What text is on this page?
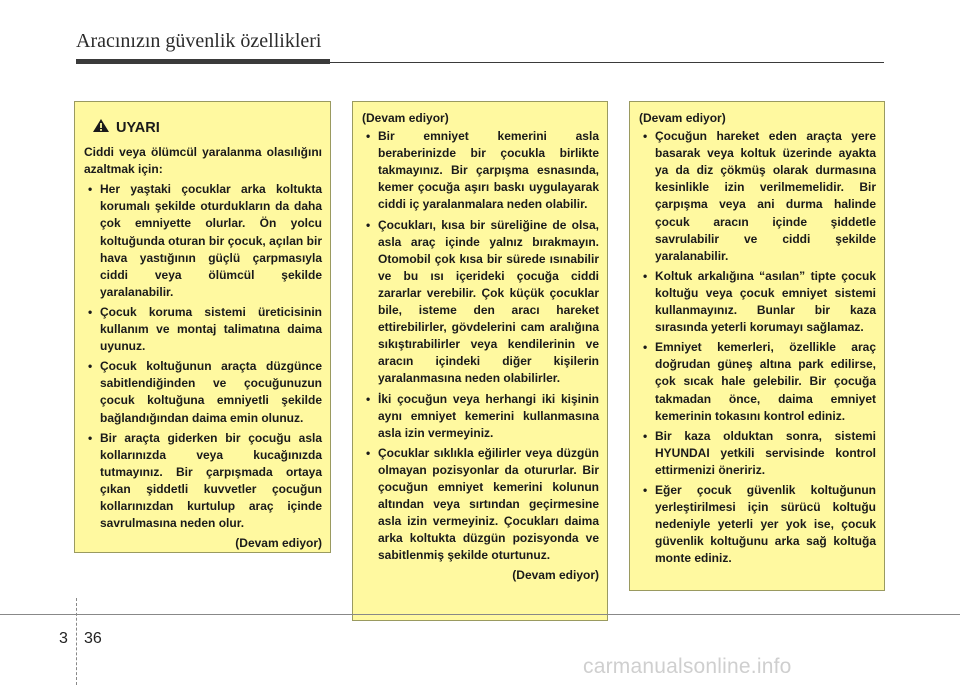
Aracınızın güvenlik özellikleri
UYARI
Ciddi veya ölümcül yaralanma olasılığını azaltmak için:
• Her yaştaki çocuklar arka koltukta korumalı şekilde oturdukların da daha çok emniyette olurlar. Ön yolcu koltuğunda oturan bir çocuk, açılan bir hava yastığının güçlü çarpmasıyla ciddi veya ölümcül şekilde yaralanabilir.
• Çocuk koruma sistemi üreticisinin kullanım ve montaj talimatına daima uyunuz.
• Çocuk koltuğunun araçta düzgünce sabitlendiğinden ve çocuğunuzun çocuk koltuğuna emniyetli şekilde bağlandığından daima emin olunuz.
• Bir araçta giderken bir çocuğu asla kollarınızda veya kucağınızda tutmayınız. Bir çarpışmada ortaya çıkan şiddetli kuvvetler çocuğun kollarınızdan kurtulup araç içinde savrulmasına neden olur.
(Devam ediyor)
(Devam ediyor)
• Bir emniyet kemerini asla beraberinizde bir çocukla birlikte takmayınız. Bir çarpışma esnasında, kemer çocuğa aşırı baskı uygulayarak ciddi iç yaralanmalara neden olabilir.
• Çocukları, kısa bir süreliğine de olsa, asla araç içinde yalnız bırakmayın. Otomobil çok kısa bir sürede ısınabilir ve bu ısı içerideki çocuğa ciddi zararlar verebilir. Çok küçük çocuklar bile, isteme den aracı hareket ettirebilirler, gövdelerini cam aralığına sıkıştırabilirler veya kendilerinin ve aracın içindeki diğer kişilerin yaralanmasına neden olabilirler.
• İki çocuğun veya herhangi iki kişinin aynı emniyet kemerini kullanmasına asla izin vermeyiniz.
• Çocuklar sıklıkla eğilirler veya düzgün olmayan pozisyonlar da otururlar. Bir çocuğun emniyet kemerini kolunun altından veya sırtından geçirmesine asla izin vermeyiniz. Çocukları daima arka koltukta düzgün pozisyonda ve sabitlenmiş şekilde oturtunuz.
(Devam ediyor)
(Devam ediyor)
• Çocuğun hareket eden araçta yere basarak veya koltuk üzerinde ayakta ya da diz çökmüş olarak durmasına kesinlikle izin verilmemelidir. Bir çarpışma veya ani durma halinde çocuk aracın içinde şiddetle savrulabilir ve ciddi şekilde yaralanabilir.
• Koltuk arkalığına “asılan” tipte çocuk koltuğu veya çocuk emniyet sistemi kullanmayınız. Bunlar bir kaza sırasında yeterli korumayı sağlamaz.
• Emniyet kemerleri, özellikle araç doğrudan güneş altına park edilirse, çok sıcak hale gelebilir. Bir çocuğa takmadan önce, daima emniyet kemerinin tokasını kontrol ediniz.
• Bir kaza olduktan sonra, sistemi HYUNDAI yetkili servisinde kontrol ettirmenizi öneririz.
• Eğer çocuk güvenlik koltuğunun yerleştirilmesi için sürücü koltuğu nedeniyle yeterli yer yok ise, çocuk güvenlik koltuğunu arka sağ koltuğa monte ediniz.
3 36
carmanualsonline.info
